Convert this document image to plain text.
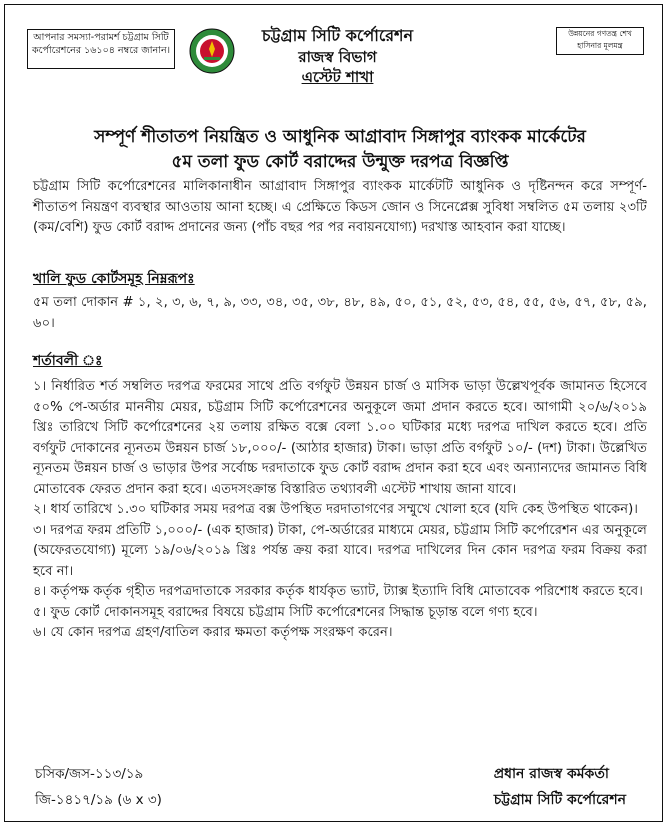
আপনার সমস্যা-পরামর্শ চট্টগ্রাম সিটি কর্পোরেশনের ১৬১০৪ নম্বরে জানান।
চট্টগ্রাম সিটি কর্পোরেশন
রাজস্ব বিভাগ
এস্টেট শাখা
উন্নয়নের গণতন্ত্র শেখ হাসিনার মূলমন্ত্র
সম্পূর্ণ শীতাতপ নিয়ন্ত্রিত ও আধুনিক আগ্রাবাদ সিঙ্গাপুর ব্যাংকক মার্কেটের
৫ম তলা ফুড কোর্ট বরাদ্দের উন্মুক্ত দরপত্র বিজ্ঞপ্তি
চট্টগ্রাম সিটি কর্পোরেশনের মালিকানাধীন আগ্রাবাদ সিঙ্গাপুর ব্যাংকক মার্কেটটি আধুনিক ও দৃষ্টিনন্দন করে সম্পূর্ণ-শীতাতপ নিয়ন্ত্রণ ব্যবস্থার আওতায় আনা হচ্ছে। এ প্রেক্ষিতে কিডস জোন ও সিনেপ্লেক্স সুবিধা সম্বলিত ৫ম তলায় ২৩টি (কম/বেশি) ফুড কোর্ট বরাদ্দ প্রদানের জন্য (পাঁচ বছর পর পর নবায়নযোগ্য) দরখাস্ত আহবান করা যাচ্ছে।
খালি ফুড কোর্টসমূহ নিম্নরূপঃ
৫ম তলা দোকান # ১, ২, ৩, ৬, ৭, ৯, ৩৩, ৩৪, ৩৫, ৩৮, ৪৮, ৪৯, ৫০, ৫১, ৫২, ৫৩, ৫৪, ৫৫, ৫৬, ৫৭, ৫৮, ৫৯, ৬০।
শর্তাবলী ঃ

১। নির্ধারিত শর্ত সম্বলিত দরপত্র ফরমের সাথে প্রতি বর্গফুট উন্নয়ন চার্জ ও মাসিক ভাড়া উল্লেখপূর্বক জামানত হিসেবে ৫০% পে-অর্ডার মাননীয় মেয়র, চট্টগ্রাম সিটি কর্পোরেশনের অনুকূলে জমা প্রদান করতে হবে। আগামী ২০/৬/২০১৯ খ্রিঃ তারিখে সিটি কর্পোরেশনের ২য় তলায় রক্ষিত বক্সে বেলা ১.০০ ঘটিকার মধ্যে দরপত্র দাখিল করতে হবে। প্রতি বর্গফুট দোকানের ন্যূনতম উন্নয়ন চার্জ ১৮,০০০/- (আঠার হাজার) টাকা। ভাড়া প্রতি বর্গফুট ১০/- (দশ) টাকা। উল্লেখিত ন্যূনতম উন্নয়ন চার্জ ও ভাড়ার উপর সর্বোচ্চ দরদাতাকে ফুড কোর্ট বরাদ্দ প্রদান করা হবে এবং অন্যান্যদের জামানত বিধি মোতাবেক ফেরত প্রদান করা হবে। এতদসংক্রান্ত বিস্তারিত তথ্যাবলী এস্টেট শাখায় জানা যাবে।

২। ধার্য তারিখে ১.৩০ ঘটিকার সময় দরপত্র বক্স উপস্থিত দরদাতাগণের সম্মুখে খোলা হবে (যদি কেহ উপস্থিত থাকেন)।

৩। দরপত্র ফরম প্রতিটি ১,০০০/- (এক হাজার) টাকা, পে-অর্ডারের মাধ্যমে মেয়র, চট্টগ্রাম সিটি কর্পোরেশন এর অনুকূলে (অফেরতযোগ্য) মূল্যে ১৯/০৬/২০১৯ খ্রিঃ পর্যন্ত ক্রয় করা যাবে। দরপত্র দাখিলের দিন কোন দরপত্র ফরম বিক্রয় করা হবে না।

৪। কর্তৃপক্ষ কর্তৃক গৃহীত দরপত্রদাতাকে সরকার কর্তৃক ধার্যকৃত ভ্যাট, ট্যাক্স ইত্যাদি বিধি মোতাবেক পরিশোধ করতে হবে।

৫। ফুড কোর্ট দোকানসমূহ বরাদ্দের বিষয়ে চট্টগ্রাম সিটি কর্পোরেশনের সিদ্ধান্ত চূড়ান্ত বলে গণ্য হবে।

৬। যে কোন দরপত্র গ্রহণ/বাতিল করার ক্ষমতা কর্তৃপক্ষ সংরক্ষণ করেন।

চসিক/জস-১১৩/১৯
জি-১৪১৭/১৯ (৬ x ৩)
প্রধান রাজস্ব কর্মকর্তা
চট্টগ্রাম সিটি কর্পোরেশন
